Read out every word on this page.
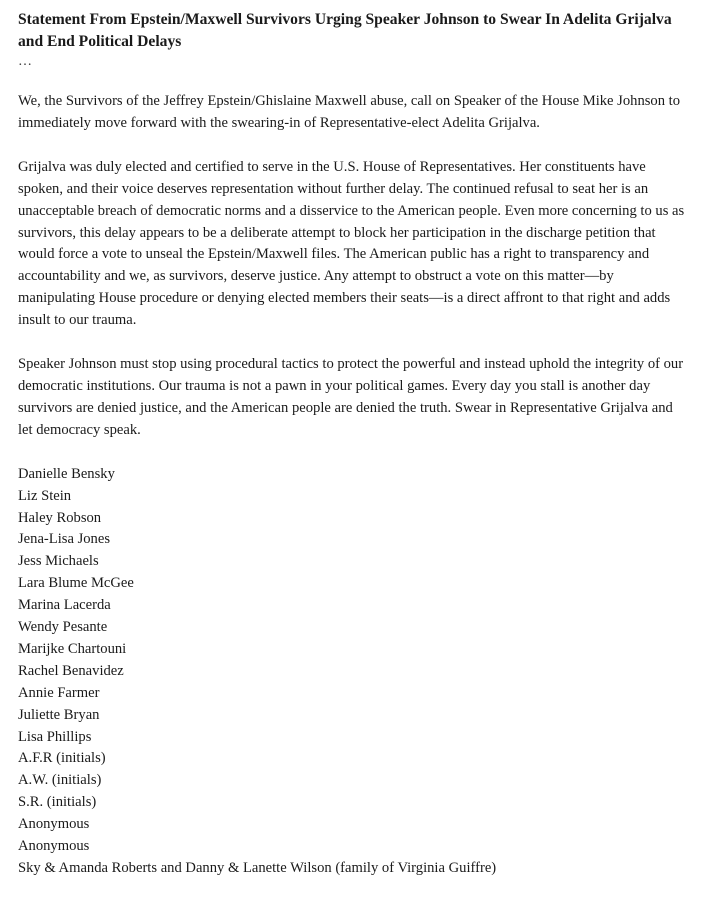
Statement From Epstein/Maxwell Survivors Urging Speaker Johnson to Swear In Adelita Grijalva and End Political Delays
…

We, the Survivors of the Jeffrey Epstein/Ghislaine Maxwell abuse, call on Speaker of the House Mike Johnson to immediately move forward with the swearing-in of Representative-elect Adelita Grijalva.

Grijalva was duly elected and certified to serve in the U.S. House of Representatives. Her constituents have spoken, and their voice deserves representation without further delay. The continued refusal to seat her is an unacceptable breach of democratic norms and a disservice to the American people. Even more concerning to us as survivors, this delay appears to be a deliberate attempt to block her participation in the discharge petition that would force a vote to unseal the Epstein/Maxwell files. The American public has a right to transparency and accountability and we, as survivors, deserve justice. Any attempt to obstruct a vote on this matter—by manipulating House procedure or denying elected members their seats—is a direct affront to that right and adds insult to our trauma.

Speaker Johnson must stop using procedural tactics to protect the powerful and instead uphold the integrity of our democratic institutions. Our trauma is not a pawn in your political games. Every day you stall is another day survivors are denied justice, and the American people are denied the truth. Swear in Representative Grijalva and let democracy speak.

Danielle Bensky
Liz Stein
Haley Robson
Jena-Lisa Jones
Jess Michaels
Lara Blume McGee
Marina Lacerda
Wendy Pesante
Marijke Chartouni
Rachel Benavidez
Annie Farmer
Juliette Bryan
Lisa Phillips
A.F.R (initials)
A.W. (initials)
S.R. (initials)
Anonymous
Anonymous
Sky & Amanda Roberts and Danny & Lanette Wilson (family of Virginia Guiffre)
